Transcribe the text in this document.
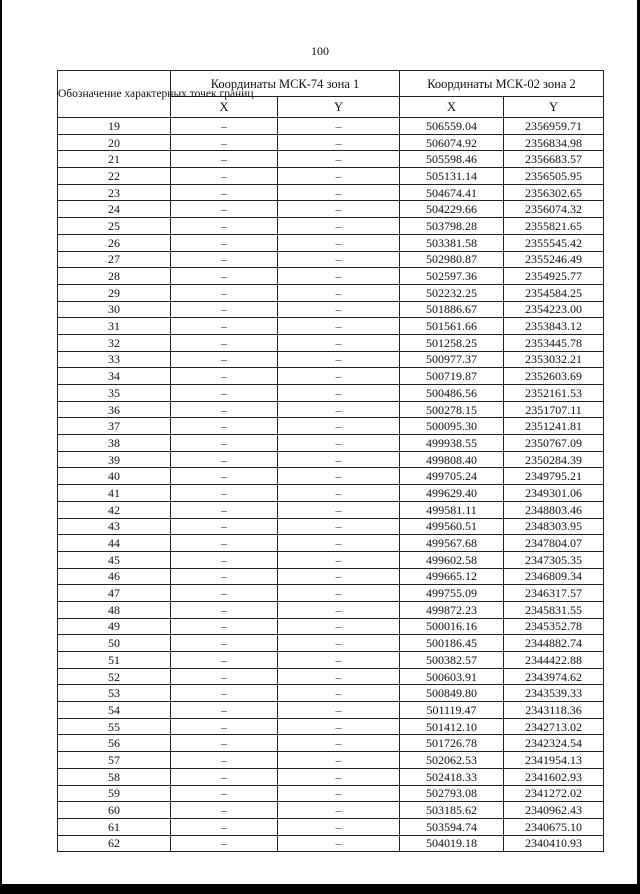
100
Обозначение характерных точек границ	Координаты МСК-74 зона 1		Координаты МСК-02 зона 2	
	X	Y	X	Y
19	–	–	506559.04	2356959.71
20	–	–	506074.92	2356834.98
21	–	–	505598.46	2356683.57
22	–	–	505131.14	2356505.95
23	–	–	504674.41	2356302.65
24	–	–	504229.66	2356074.32
25	–	–	503798.28	2355821.65
26	–	–	503381.58	2355545.42
27	–	–	502980.87	2355246.49
28	–	–	502597.36	2354925.77
29	–	–	502232.25	2354584.25
30	–	–	501886.67	2354223.00
31	–	–	501561.66	2353843.12
32	–	–	501258.25	2353445.78
33	–	–	500977.37	2353032.21
34	–	–	500719.87	2352603.69
35	–	–	500486.56	2352161.53
36	–	–	500278.15	2351707.11
37	–	–	500095.30	2351241.81
38	–	–	499938.55	2350767.09
39	–	–	499808.40	2350284.39
40	–	–	499705.24	2349795.21
41	–	–	499629.40	2349301.06
42	–	–	499581.11	2348803.46
43	–	–	499560.51	2348303.95
44	–	–	499567.68	2347804.07
45	–	–	499602.58	2347305.35
46	–	–	499665.12	2346809.34
47	–	–	499755.09	2346317.57
48	–	–	499872.23	2345831.55
49	–	–	500016.16	2345352.78
50	–	–	500186.45	2344882.74
51	–	–	500382.57	2344422.88
52	–	–	500603.91	2343974.62
53	–	–	500849.80	2343539.33
54	–	–	501119.47	2343118.36
55	–	–	501412.10	2342713.02
56	–	–	501726.78	2342324.54
57	–	–	502062.53	2341954.13
58	–	–	502418.33	2341602.93
59	–	–	502793.08	2341272.02
60	–	–	503185.62	2340962.43
61	–	–	503594.74	2340675.10
62	–	–	504019.18	2340410.93
